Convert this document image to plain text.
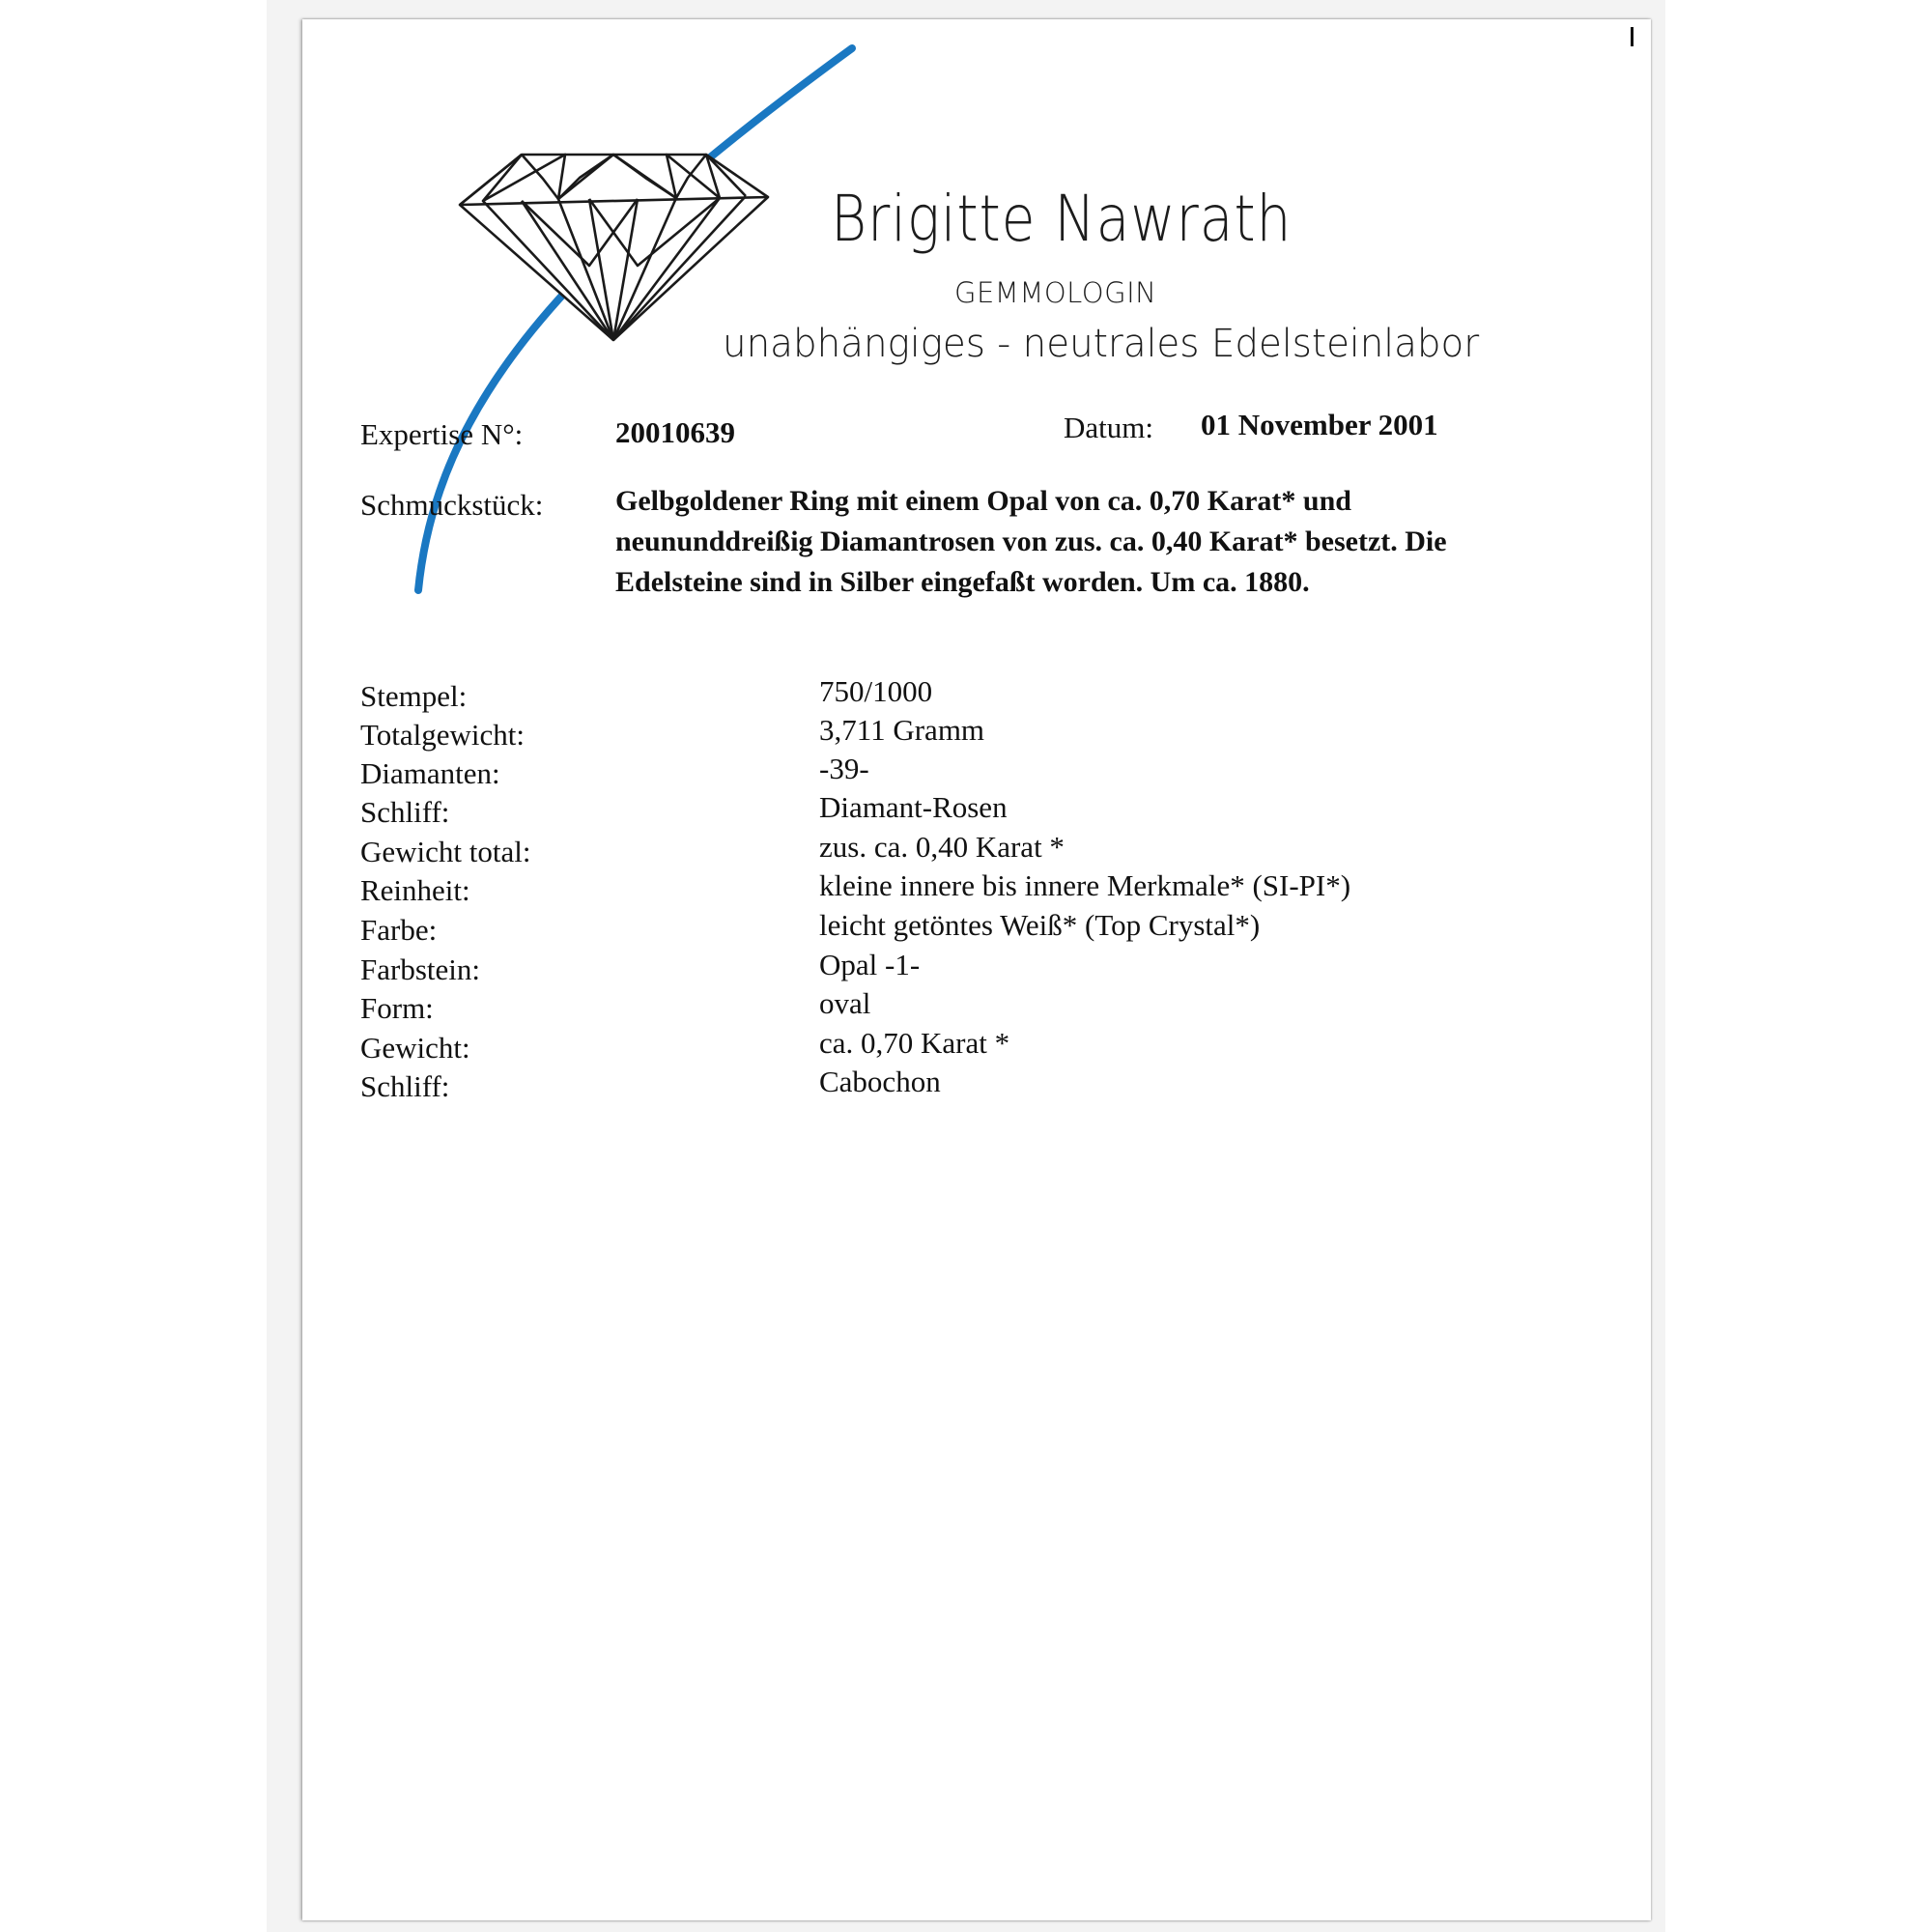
Brigitte Nawrath
GEMMOLOGIN
unabhängiges - neutrales Edelsteinlabor
Expertise N°:	20010639	Datum: 01 November 2001
Schmuckstück: Gelbgoldener Ring mit einem Opal von ca. 0,70 Karat* und
neununddreißig Diamantrosen von zus. ca. 0,40 Karat* besetzt. Die
Edelsteine sind in Silber eingefaßt worden. Um ca. 1880.
Stempel:	750/1000
Totalgewicht:	3,711 Gramm
Diamanten:	-39-
Schliff:	Diamant-Rosen
Gewicht total:	zus. ca. 0,40 Karat *
Reinheit:	kleine innere bis innere Merkmale* (SI-PI*)
Farbe:	leicht getöntes Weiß* (Top Crystal*)
Farbstein:	Opal -1-
Form:	oval
Gewicht:	ca. 0,70 Karat *
Schliff:	Cabochon
